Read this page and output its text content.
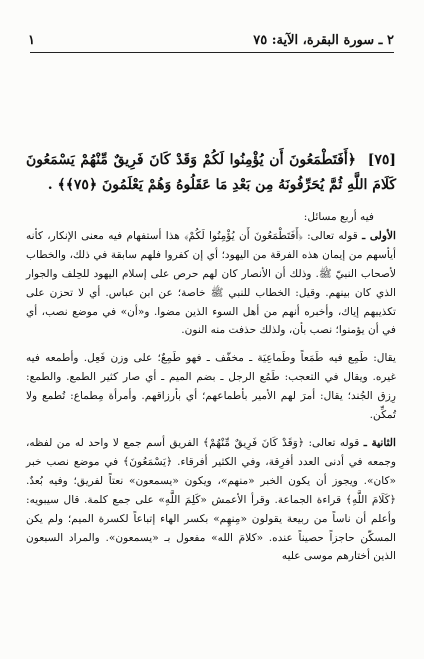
٢ ـ سورة البقرة، الآية: ٧٥
١
[٧٥] ﴿أَفَتَطْمَعُونَ أَن يُؤْمِنُوا لَكُمْ وَقَدْ كَانَ فَرِيقٌ مِّنْهُمْ يَسْمَعُونَ كَلَامَ اللَّهِ ثُمَّ يُحَرِّفُونَهُ مِن بَعْدِ مَا عَقَلُوهُ وَهُمْ يَعْلَمُونَ ﴿٧٥﴾﴾ .

فيه أربع مسائل:

الأولى ـ قوله تعالى: ﴿أَفَتَطْمَعُونَ أَن يُؤْمِنُوا لَكُمْ﴾ هذا أستفهام فيه معنى الإنكار، كأنه أيأسهم من إيمان هذه الفرقة من اليهود؛ أي إن كفروا فلهم سابقة في ذلك، والخطاب لأصحاب النبيّ ﷺ. وذلك أن الأنصار كان لهم حرص على إسلام اليهود للحِلف والجوار الذي كان بينهم. وقيل: الخطاب للنبي ﷺ خاصة؛ عن ابن عباس. أي لا تحزن على تكذيبهم إياك، وأخبره أنهم من أهل السوء الذين مضوا. و«أن» في موضع نصب، أي في أن يؤمنوا؛ نصب بأن، ولذلك حذفت منه النون.

يقال: طَمِع فيه طَمَعاً وطَماعِيَة ـ مخفّف ـ فهو طَمِعٌ؛ على وزن فَعِل. وأطمعه فيه غيره. ويقال في التعجب: طَمُع الرجل ـ بضم الميم ـ أي صار كثير الطمع. والطمع: رِزق الجُند؛ يقال: أمرَ لهم الأمير بأطماعهم؛ أي بأرزاقهم. وأمرأة مِطماع: تُطمع ولا تُمكِّن.

الثانية ـ قوله تعالى: ﴿وَقَدْ كَانَ فَرِيقٌ مِّنْهُمْ﴾ الفريق أسم جمع لا واحد له من لفظه، وجمعه في أدنى العدد أفرِقة، وفي الكثير أفرقاء. ﴿يَسْمَعُونَ﴾ في موضع نصب خبر «كان». ويجوز أن يكون الخبر «منهم»، ويكون «يسمعون» نعتاً لفريق؛ وفيه بُعدٌ. ﴿كَلَامَ اللَّهِ﴾ قراءة الجماعة. وقرأ الأعمش «كَلِمَ اللَّهِ» على جمع كلمة. قال سيبويه: وأعلم أن ناساً من ربيعة يقولون «مِنهِم» بكسر الهاء إتباعاً لكسرة الميم؛ ولم يكن المسكّن حاجزاً حصيناً عنده. «كلامَ الله» مفعول بـ «يسمعون». والمراد السبعون الذين أختارهم موسى عليه
